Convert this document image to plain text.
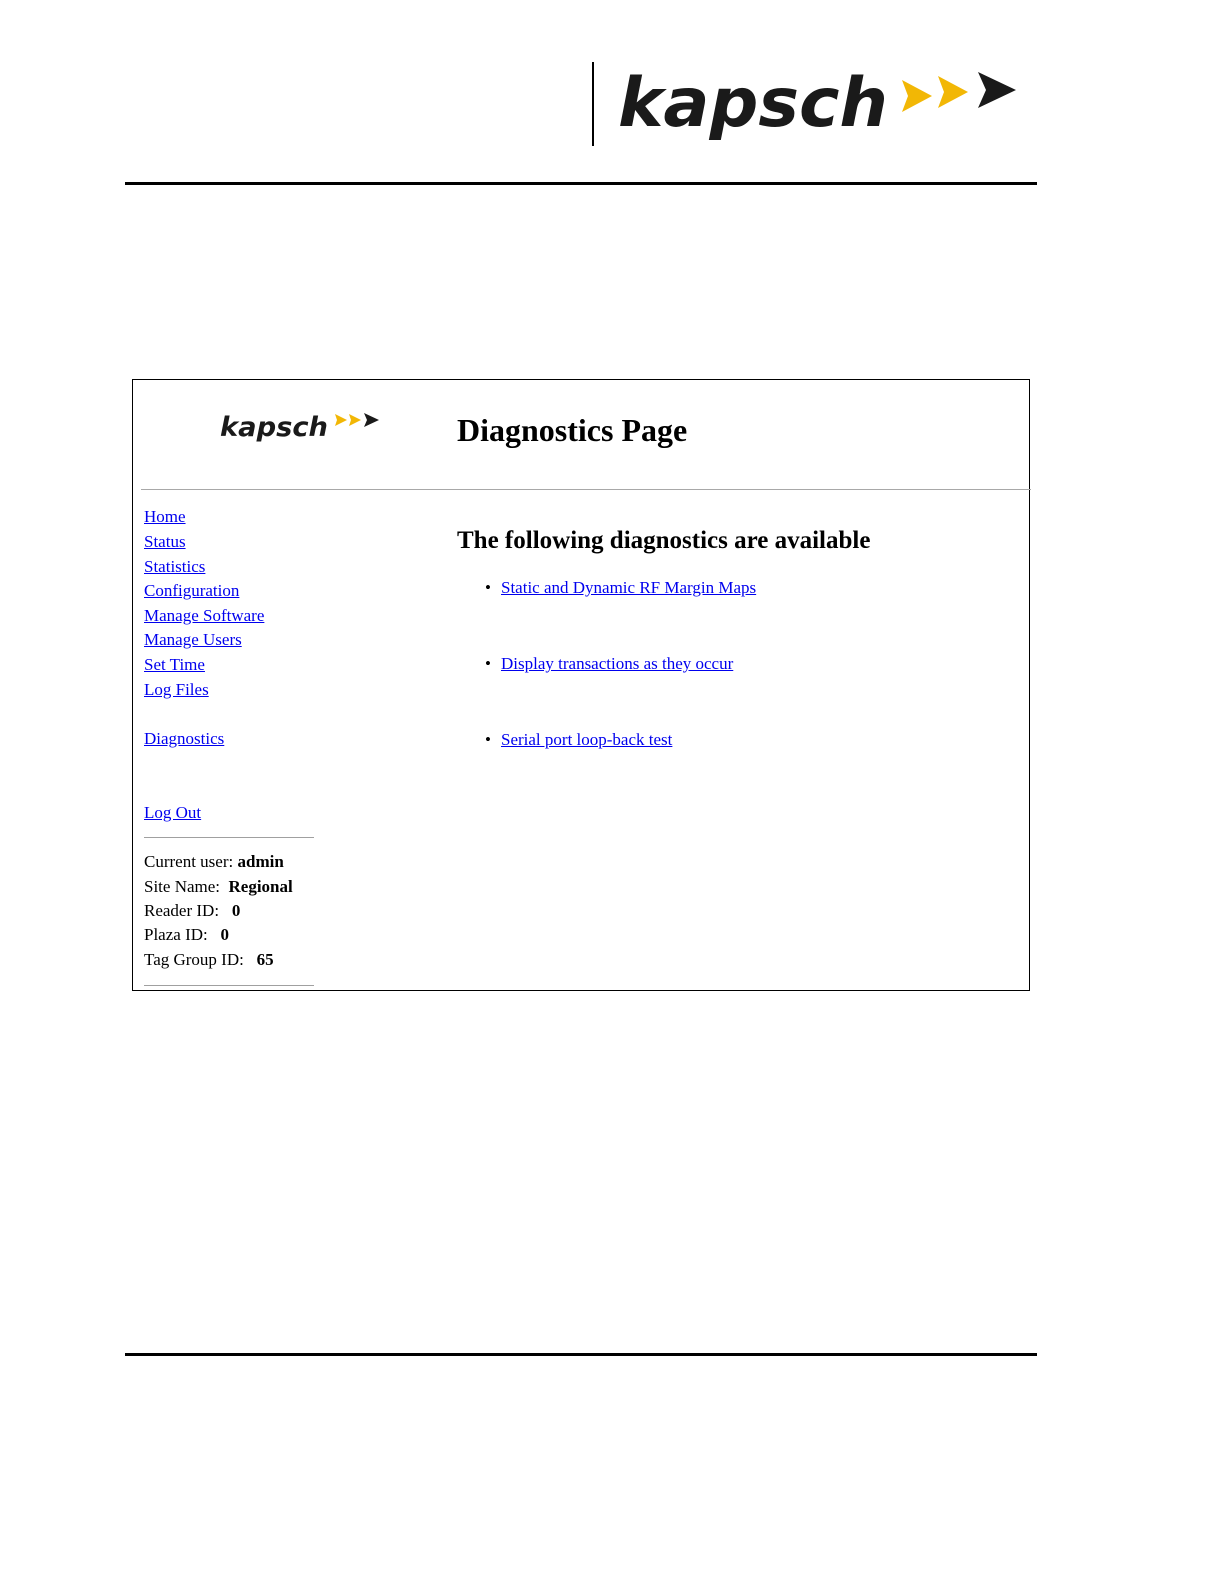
kapsch
kapsch	Diagnostics Page
Home
Status
Statistics
Configuration
Manage Software
Manage Users
Set Time
Log Files
Diagnostics
Log Out
Current user: admin
Site Name: Regional
Reader ID: 0
Plaza ID: 0
Tag Group ID: 65
The following diagnostics are available
• Static and Dynamic RF Margin Maps
• Display transactions as they occur
• Serial port loop-back test
